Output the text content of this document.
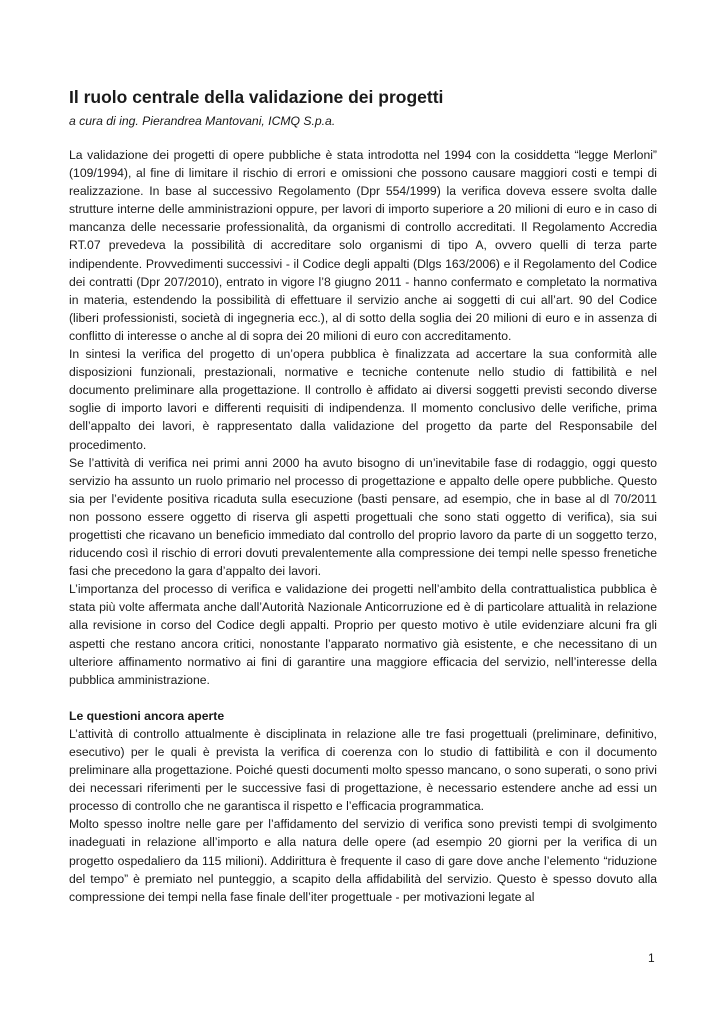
Il ruolo centrale della validazione dei progetti

a cura di ing. Pierandrea Mantovani, ICMQ S.p.a.

La validazione dei progetti di opere pubbliche è stata introdotta nel 1994 con la cosiddetta “legge Merloni” (109/1994), al fine di limitare il rischio di errori e omissioni che possono causare maggiori costi e tempi di realizzazione. In base al successivo Regolamento (Dpr 554/1999) la verifica doveva essere svolta dalle strutture interne delle amministrazioni oppure, per lavori di importo superiore a 20 milioni di euro e in caso di mancanza delle necessarie professionalità, da organismi di controllo accreditati. Il Regolamento Accredia RT.07 prevedeva la possibilità di accreditare solo organismi di tipo A, ovvero quelli di terza parte indipendente. Provvedimenti successivi - il Codice degli appalti (Dlgs 163/2006) e il Regolamento del Codice dei contratti (Dpr 207/2010), entrato in vigore l’8 giugno 2011 - hanno confermato e completato la normativa in materia, estendendo la possibilità di effettuare il servizio anche ai soggetti di cui all’art. 90 del Codice (liberi professionisti, società di ingegneria ecc.), al di sotto della soglia dei 20 milioni di euro e in assenza di conflitto di interesse o anche al di sopra dei 20 milioni di euro con accreditamento.

In sintesi la verifica del progetto di un’opera pubblica è finalizzata ad accertare la sua conformità alle disposizioni funzionali, prestazionali, normative e tecniche contenute nello studio di fattibilità e nel documento preliminare alla progettazione. Il controllo è affidato ai diversi soggetti previsti secondo diverse soglie di importo lavori e differenti requisiti di indipendenza. Il momento conclusivo delle verifiche, prima dell’appalto dei lavori, è rappresentato dalla validazione del progetto da parte del Responsabile del procedimento.

Se l’attività di verifica nei primi anni 2000 ha avuto bisogno di un’inevitabile fase di rodaggio, oggi questo servizio ha assunto un ruolo primario nel processo di progettazione e appalto delle opere pubbliche. Questo sia per l’evidente positiva ricaduta sulla esecuzione (basti pensare, ad esempio, che in base al dl 70/2011 non possono essere oggetto di riserva gli aspetti progettuali che sono stati oggetto di verifica), sia sui progettisti che ricavano un beneficio immediato dal controllo del proprio lavoro da parte di un soggetto terzo, riducendo così il rischio di errori dovuti prevalentemente alla compressione dei tempi nelle spesso frenetiche fasi che precedono la gara d’appalto dei lavori.

L’importanza del processo di verifica e validazione dei progetti nell’ambito della contrattualistica pubblica è stata più volte affermata anche dall’Autorità Nazionale Anticorruzione ed è di particolare attualità in relazione alla revisione in corso del Codice degli appalti. Proprio per questo motivo è utile evidenziare alcuni fra gli aspetti che restano ancora critici, nonostante l’apparato normativo già esistente, e che necessitano di un ulteriore affinamento normativo ai fini di garantire una maggiore efficacia del servizio, nell’interesse della pubblica amministrazione.

Le questioni ancora aperte

L’attività di controllo attualmente è disciplinata in relazione alle tre fasi progettuali (preliminare, definitivo, esecutivo) per le quali è prevista la verifica di coerenza con lo studio di fattibilità e con il documento preliminare alla progettazione. Poiché questi documenti molto spesso mancano, o sono superati, o sono privi dei necessari riferimenti per le successive fasi di progettazione, è necessario estendere anche ad essi un processo di controllo che ne garantisca il rispetto e l’efficacia programmatica.

Molto spesso inoltre nelle gare per l’affidamento del servizio di verifica sono previsti tempi di svolgimento inadeguati in relazione all’importo e alla natura delle opere (ad esempio 20 giorni per la verifica di un progetto ospedaliero da 115 milioni). Addirittura è frequente il caso di gare dove anche l’elemento “riduzione del tempo” è premiato nel punteggio, a scapito della affidabilità del servizio. Questo è spesso dovuto alla compressione dei tempi nella fase finale dell’iter progettuale - per motivazioni legate al

1
